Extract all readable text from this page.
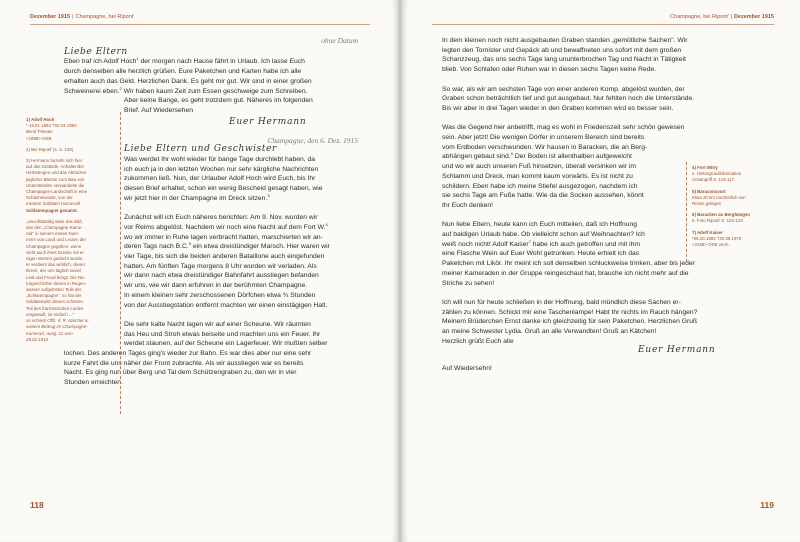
Dezember 1915 | Champagne, bei Riponť
ohne Datum
Liebe Eltern

Eben traf ich Adolf Hoch$^1$ der morgen nach Hause fährt in Urlaub. Ich lasse Euch

durch denselben alle herzlich grüßen. Eure Paketchen und Karten habe ich alle

erhalten auch das Geld. Herzlichen Dank. Es geht mir gut. Wir sind in einer großen

Schweinerei eben.$^2$ Wir haben kaum Zeit zum Essen geschweige zum Schreiben.

Aber keine Bange, es geht trotzdem gut. Näheres im folgenden

Brief. Auf Wiedersehen

Euer Hermann
Champagne, den 6. Dez. 1915
Liebe Eltern und Geschwister

Was werdet Ihr wohl wieder für bange Tage durchlebt haben, da

ich euch ja in den letzten Wochen nur sehr kärgliche Nachrichten

zukommen ließ. Nun, der Urlauber Adolf Hoch wird Euch, bis Ihr

diesen Brief erhaltet, schon ein wenig Bescheid gesagt haben, wie

wir jetzt hier in der Champagne im Dreck sitzen.$^3$

Zunächst will ich Euch näheres berichten: Am 9. Nov. wurden wir

vor Reims abgelöst. Nachdem wir noch eine Nacht auf dem Fort W.$^4$

wo wir immer in Ruhe lagen verbracht hatten, marschierten wir an-

deren Tags nach B.C.$^5$ ein etwa dreistündiger Marsch. Hier waren wir

vier Tage, bis sich die beiden anderen Bataillone auch eingefunden

hatten. Am fünften Tage morgens 8 Uhr wurden wir verladen. Als

wir dann nach etwa dreistündiger Bahnfahrt ausstiegen befanden

wir uns, wie wir dann erfuhren in der berühmten Champagne.

In einem kleinen sehr zerschossenen Dörfchen etwa ¾ Stunden

von der Ausstiegstation entfernt machten wir einen einstägigen Halt.

Die sehr kalte Nacht lagen wir auf einer Scheune. Wir räumten

das Heu und Stroh etwas beiseite und machten uns ein Feuer. Ihr

werdet staunen, auf der Scheune ein Lagerfeuer. Wir mußten selber

lochen. Des anderen Tages ging's wieder zur Bahn. Es war dies aber nur eine sehr

kurze Fahrt die uns näher der Front zubrachte. Als wir ausstiegen war es bereits

Nacht. Es ging nun über Berg und Tal dem Schützengraben zu, den wir in vier

Stunden erreichten.

1) Adolf Hoch
* 15.01.1893 †02.04.1950
Beruf Priester
<1998> OSB
2) Bei Riponť (s. S. 120)
3) Hermann bezieht sich hier
auf das Gelände. Anhaltender
Herbstregen und das Abholzen
jeglicher Bäume zum Bau von
Unterständen verwandelte die
Champagne-Landschaft in eine
Schlammwüste, von der
meisten Soldaten humorvoll
Schlammpagne genannt.
„Unvollständig wäre das Bild,
das den „Champagne-Kame-
rad" in seinem ersten Num-
mern von Land und Leuten der
Champagne gegeben, wenn
nicht auch ihres Drecks mit ei-
nigen Worten gedacht würde;
er verdient das wirklich, dieser
Dreck, der uns täglich soviel
Leid und Freud bringt. Die Na-
turgeschichte dieses in Regen-
wasser aufgelösten Teils der
„Schlammpagne", so hat der
Soldatenwitz diesen schönen
Teil des französischen Liedes
umgetauft, ist einfach ..."
so schrieb Offz. d. R. Narcher in
seinem Beitrag im Champagne-
Kamerad, Ausg. 11 vom
28.02.1916
118
Champagne, bei Riponť | Dezember 1915

In dem kleinen noch nicht ausgebauten Graben standen „gemütliche Sachen". Wir

legten den Tornister und Gepäck ab und bewaffneten uns sofort mit dem großen

Schanzzeug, das uns sechs Tage lang ununterbrochen Tag und Nacht in Tätigkeit

blieb. Von Schlafen oder Ruhen war in diesen sechs Tagen keine Rede.

So war, als wir am sechsten Tage von einer anderen Komp. abgelöst wurden, der

Graben schon beträchtlich tief und gut ausgebaut. Nur fehlten noch die Unterstände.

Bis wir aber in drei Tagen wieder in den Graben kommen wird es besser sein.

Was die Gegend hier anbetrifft, mag es wohl in Friedenszeit sehr schön gewesen

sein. Aber jetzt! Die wenigen Dörfer in unserem Bereich sind bereits

vom Erdboden verschwunden. Wir hausen in Baracken, die an Berg-

abhängen gebaut sind.$^6$ Der Boden ist allenthalben aufgeweicht

und wo wir auch unseren Fuß hinsetzen, überall versinken wir im

Schlamm und Dreck, man kommt kaum vorwärts. Es ist nicht zu

schildern. Eben habe ich meine Stiefel ausgezogen, nachdem ich

sie sechs Tage am Fuße hatte. Wie da die Socken aussehen, könnt

Ihr Euch denken!

Nun liebe Eltern, heute kann ich Euch mitteilen, daß ich Hoffnung

auf baldigen Urlaub habe. Ob vielleicht schon auf Weihnachten? Ich

weiß noch nicht! Adolf Kaiser$^7$ habe ich auch getroffen und mit ihm

eine Flasche Wein auf Euer Wohl getrunken. Heute erhielt ich das

Paketchen mit Likör. Ihr meint ich soll denselben schluckweise trinken, aber bis jeder

meiner Kameraden in der Gruppe reingeschaut hat, brauche ich nicht mehr auf die

Striche zu sehen!

Ich will nun für heute schließen in der Hoffnung, bald mündlich diese Sachen er-

zählen zu können. Schickt mir eine Taschenlampe! Habt Ihr nichts im Rauch hängen?

Meinem Brüderchen Ernst danke ich gleichzeitig für sein Paketchen. Herzlichen Gruß

an meine Schwester Lydia. Gruß an alle Verwandten! Gruß an Kätchen!

Herzlich grüßt Euch alle

Euer Hermann

Auf Wiedersehn!

4) Fort Witry
s. Hintergrundinformation
Cesangriff S. 116-117.
5) Baraconcourt
Etwa 20 km nordöstlich von
Reims gelegen
6) Baracken an Berghängen
6. Foto Riponť S. 122-123
7) Adolf Kaiser
*05.10.1892 †20.09.1970
<2268> OSB verm.
119
